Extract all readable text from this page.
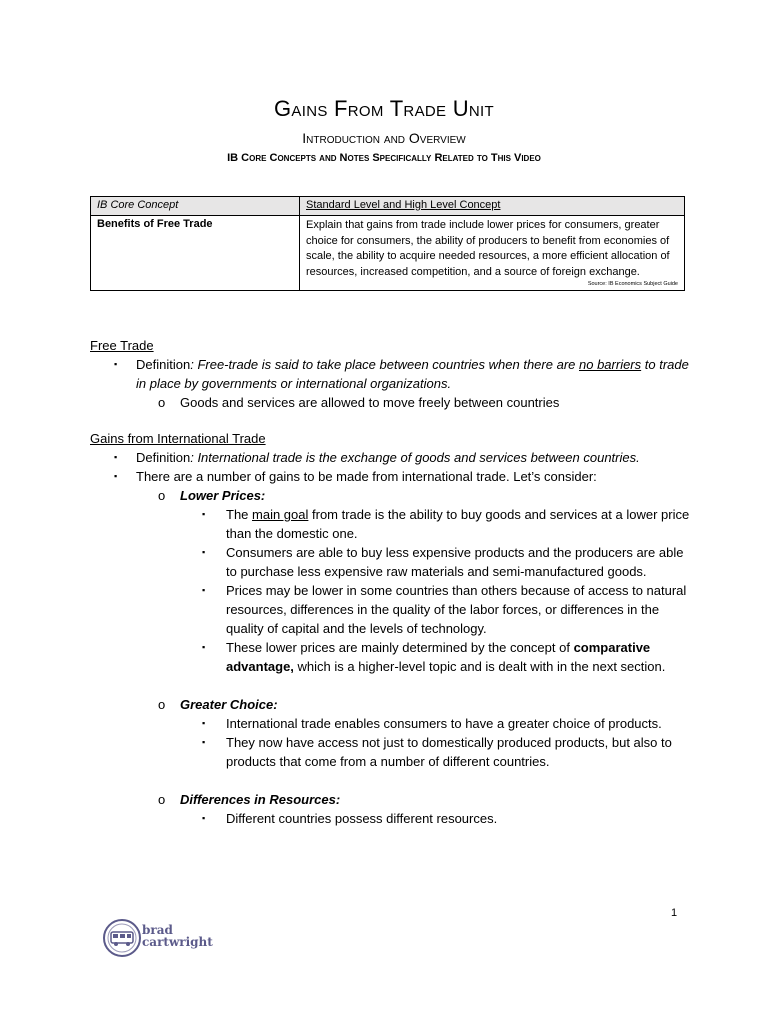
Gains From Trade Unit
Introduction and Overview
IB Core Concepts and Notes Specifically Related to This Video
IB Core Concept	Standard Level and High Level Concept
Benefits of Free Trade	Explain that gains from trade include lower prices for consumers, greater choice for consumers, the ability of producers to benefit from economies of scale, the ability to acquire needed resources, a more efficient allocation of resources, increased competition, and a source of foreign exchange.
Source: IB Economics Subject Guide

Free Trade

▪ Definition: Free-trade is said to take place between countries when there are no barriers to trade in place by governments or international organizations.
o Goods and services are allowed to move freely between countries

Gains from International Trade

▪ Definition: International trade is the exchange of goods and services between countries.
▪ There are a number of gains to be made from international trade. Let’s consider:
o Lower Prices:
▪ The main goal from trade is the ability to buy goods and services at a lower price than the domestic one.
▪ Consumers are able to buy less expensive products and the producers are able to purchase less expensive raw materials and semi-manufactured goods.
▪ Prices may be lower in some countries than others because of access to natural resources, differences in the quality of the labor forces, or differences in the quality of capital and the levels of technology.
▪ These lower prices are mainly determined by the concept of comparative advantage, which is a higher-level topic and is dealt with in the next section.
o Greater Choice:
▪ International trade enables consumers to have a greater choice of products.
▪ They now have access not just to domestically produced products, but also to products that come from a number of different countries.
o Differences in Resources:
▪ Different countries possess different resources.
1
brad
cartwright
